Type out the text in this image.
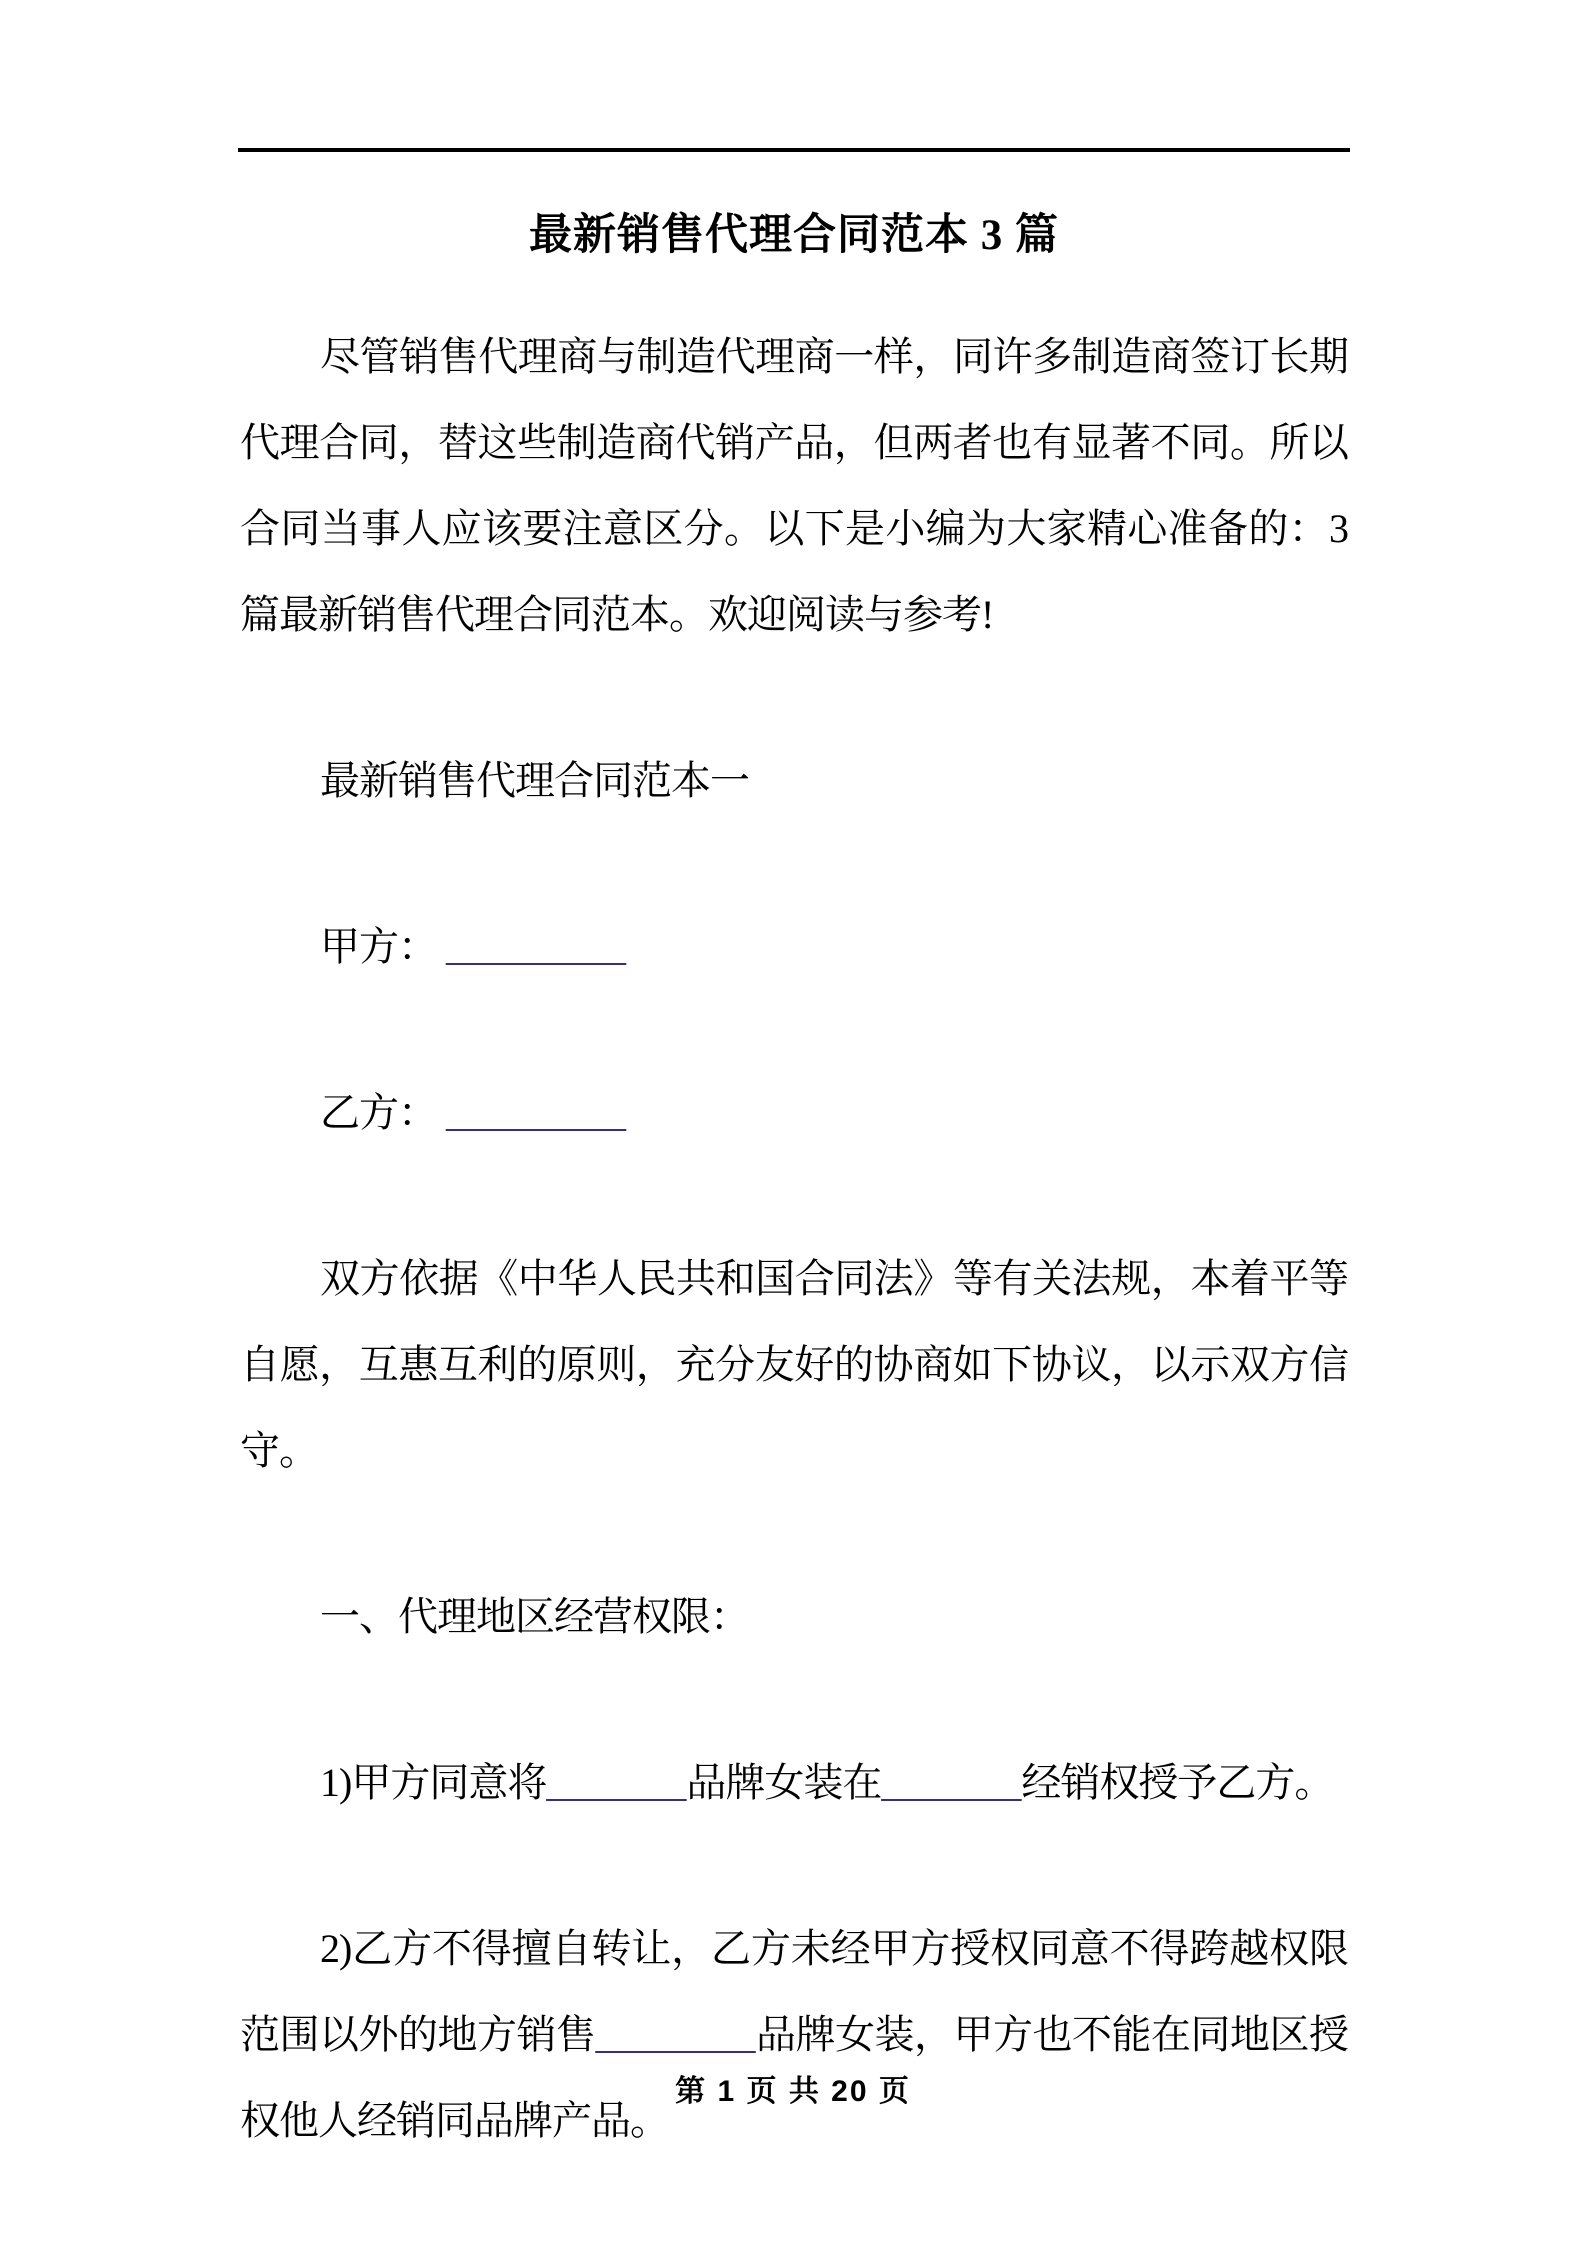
最新销售代理合同范本 3 篇

尽管销售代理商与制造代理商一样，同许多制造商签订长期代理合同，替这些制造商代销产品，但两者也有显著不同。所以合同当事人应该要注意区分。以下是小编为大家精心准备的：3 篇最新销售代理合同范本。欢迎阅读与参考!

最新销售代理合同范本一

甲方： _________

乙方： _________

双方依据《中华人民共和国合同法》等有关法规，本着平等自愿，互惠互利的原则，充分友好的协商如下协议，以示双方信守。

一、代理地区经营权限：

1)甲方同意将_______品牌女装在_______经销权授予乙方。

2)乙方不得擅自转让，乙方未经甲方授权同意不得跨越权限范围以外的地方销售________品牌女装，甲方也不能在同地区授权他人经销同品牌产品。

第 1 页 共 20 页
